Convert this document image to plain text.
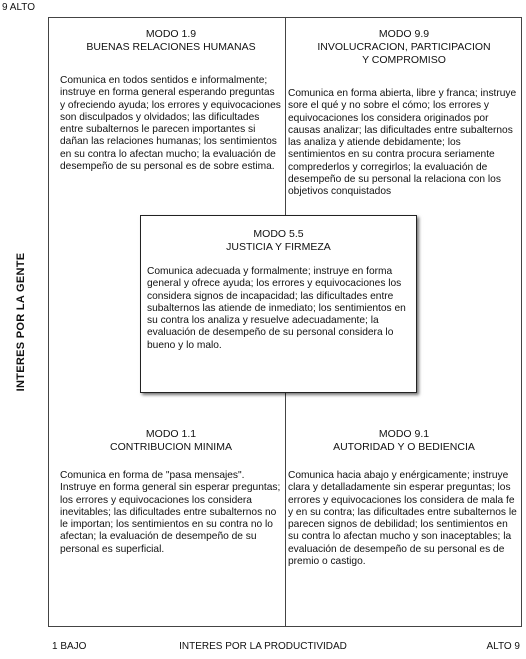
9 ALTO
MODO 1.9
BUENAS RELACIONES HUMANAS
Comunica en todos sentidos e informalmente; instruye en forma general esperando preguntas y ofreciendo ayuda; los errores y equivocaciones son disculpados y olvidados; las dificultades entre subalternos le parecen importantes si dañan las relaciones humanas; los sentimientos en su contra lo afectan mucho; la evaluación de desempeño de su personal es de sobre estima.
MODO 9.9
INVOLUCRACION, PARTICIPACION
Y COMPROMISO
Comunica en forma abierta, libre y franca; instruye sore el qué y no sobre el cómo; los errores y equivocaciones los considera originados por causas analizar; las dificultades entre subalternos las analiza y atiende debidamente; los sentimientos en su contra procura seriamente comprederlos y corregirlos; la evaluación de desempeño de su personal la relaciona con los objetivos conquistados
MODO 1.1
CONTRIBUCION MINIMA
Comunica en forma de "pasa mensajes". Instruye en forma general sin esperar preguntas; los errores y equivocaciones los considera inevitables; las dificultades entre subalternos no le importan; los sentimientos en su contra no lo afectan; la evaluación de desempeño de su personal es superficial.
MODO 9.1
AUTORIDAD Y O BEDIENCIA
Comunica hacia abajo y enérgicamente; instruye clara y detalladamente sin esperar preguntas; los errores y equivocaciones los considera de mala fe y en su contra; las dificultades entre subalternos le parecen signos de debilidad; los sentimientos en su contra lo afectan mucho y son inaceptables; la evaluación de desempeño de su personal es de premio o castigo.
MODO 5.5
JUSTICIA Y FIRMEZA
Comunica adecuada y formalmente; instruye en forma general y ofrece ayuda; los errores y equivocaciones los considera signos de incapacidad; las dificultades entre subalternos las atiende de inmediato; los sentimientos en su contra los analiza y resuelve adecuadamente; la evaluación de desempeño de su personal considera lo bueno y lo malo.
INTERES POR LA GENTE
1 BAJO	INTERES POR LA PRODUCTIVIDAD	ALTO 9
